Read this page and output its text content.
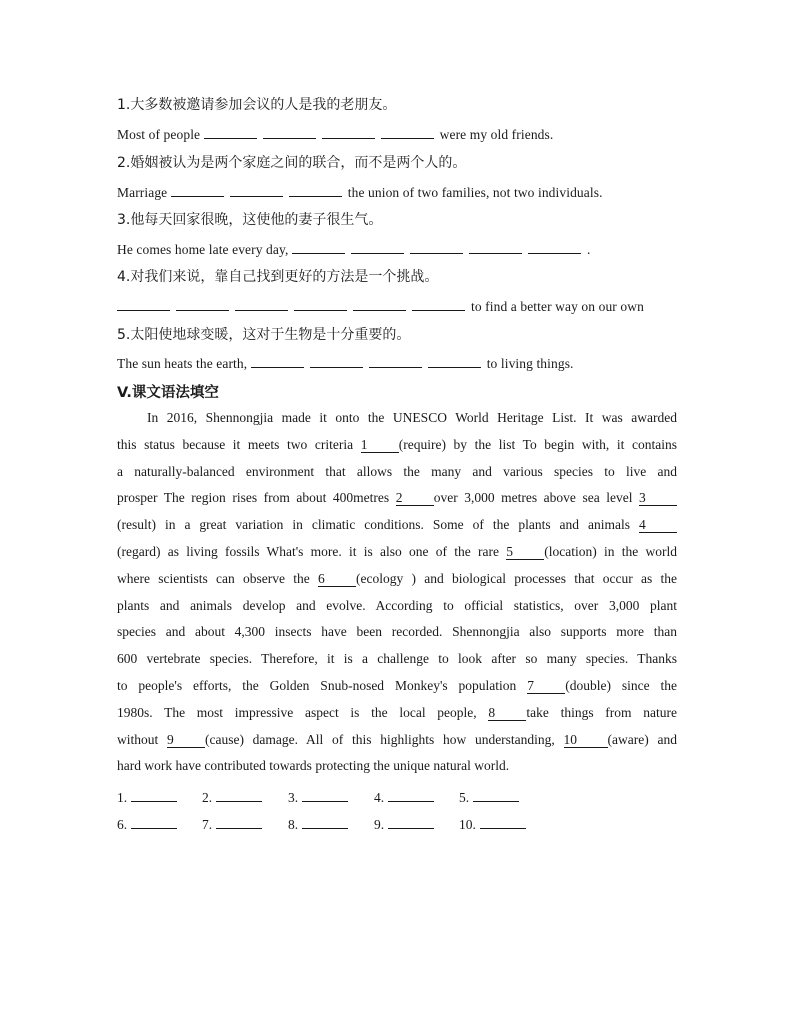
1.大多数被邀请参加会议的人是我的老朋友。
Most of people	were my old friends.
2.婚姻被认为是两个家庭之间的联合，而不是两个人的。
Marriage	the union of two families, not two individuals.
3.他每天回家很晚，这使他的妻子很生气。
He comes home late every day,	.
4.对我们来说，靠自己找到更好的方法是一个挑战。
to find a better way on our own
5.太阳使地球变暖，这对于生物是十分重要的。
The sun heats the earth,	to living things.
V.课文语法填空
In 2016, Shennongjia made it onto the UNESCO World Heritage List. It was awarded
this status because it meets two criteria 1 (require) by the list To begin with, it contains
a naturally-balanced environment that allows the many and various species to live and
prosper The region rises from about 400metres 2 over 3,000 metres above sea level 3
(result) in a great variation in climatic conditions. Some of the plants and animals 4
(regard) as living fossils What's more. it is also one of the rare 5 (location) in the world
where scientists can observe the 6 (ecology ) and biological processes that occur as the
plants and animals develop and evolve. According to official statistics, over 3,000 plant
species and about 4,300 insects have been recorded. Shennongjia also supports more than
600 vertebrate species. Therefore, it is a challenge to look after so many species. Thanks
to people's efforts, the Golden Snub-nosed Monkey's population 7 (double) since the
1980s. The most impressive aspect is the local people, 8 take things from nature
without 9 (cause) damage. All of this highlights how understanding, 10 (aware) and
hard work have contributed towards protecting the unique natural world.
1.	2.	3.	4.	5.
6.	7.	8.	9.	10.
